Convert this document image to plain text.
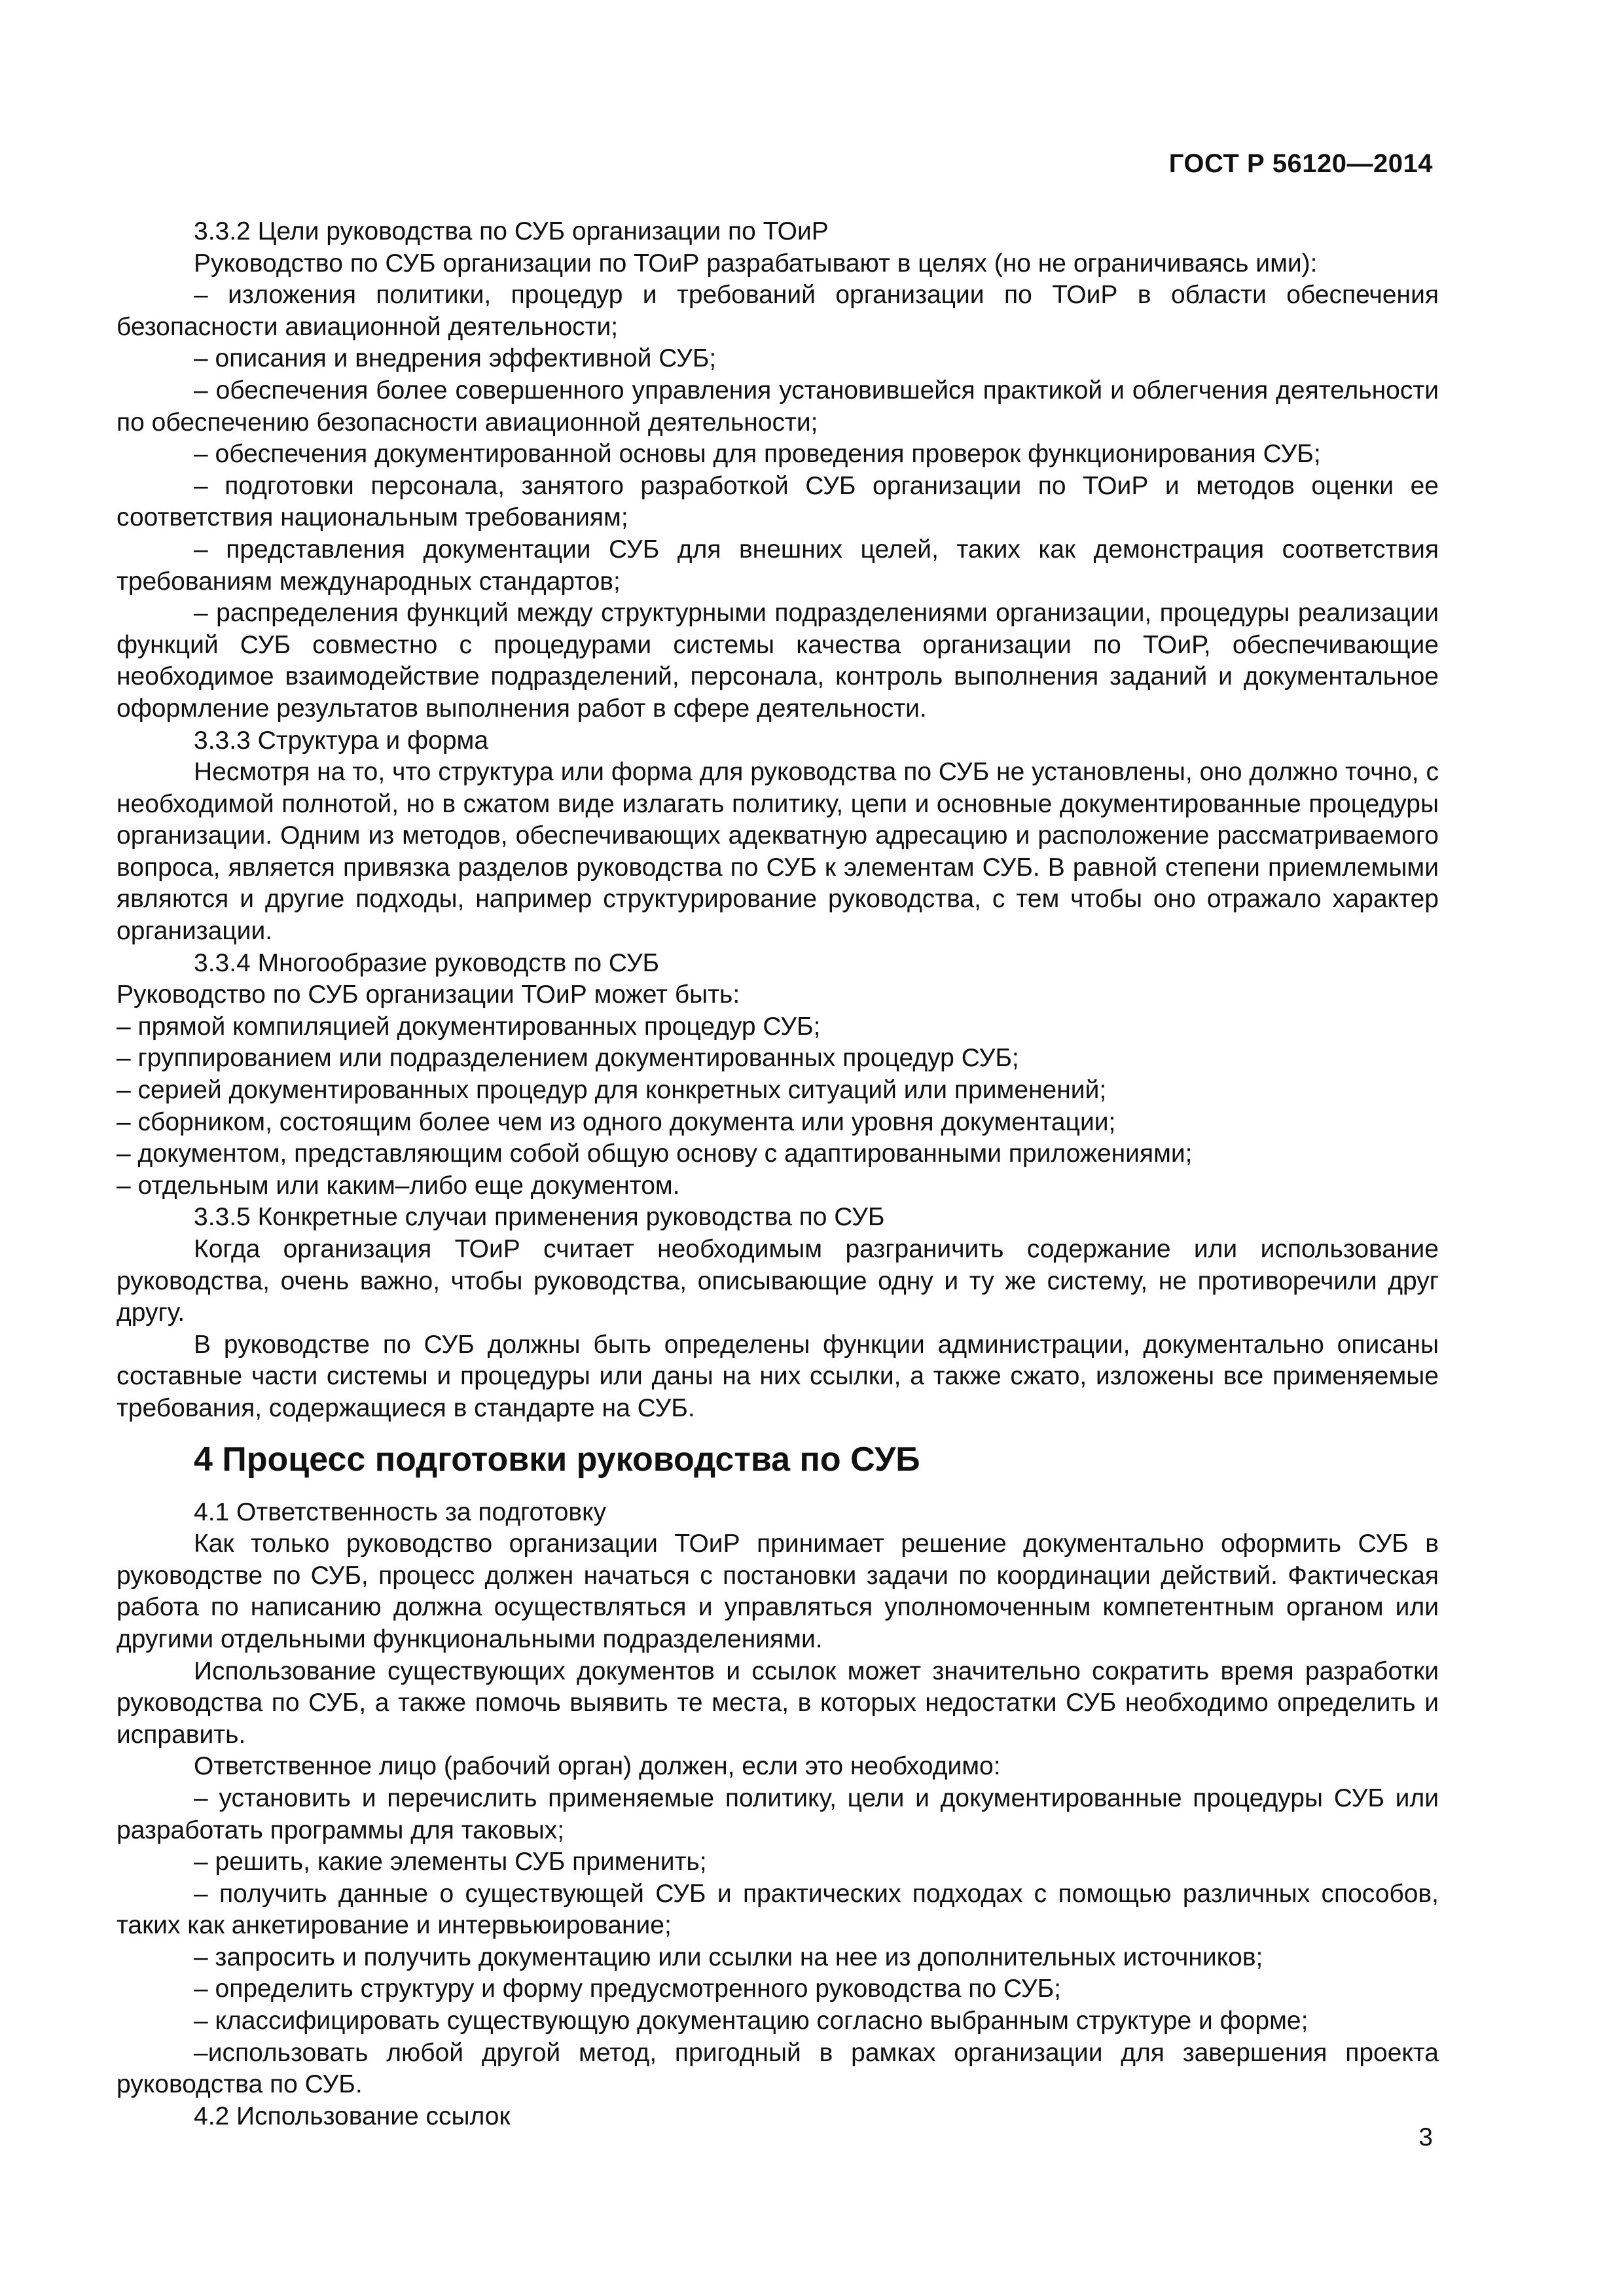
ГОСТ Р 56120—2014

3.3.2 Цели руководства по СУБ организации по ТОиР

Руководство по СУБ организации по ТОиР разрабатывают в целях (но не ограничиваясь ими):

– изложения политики, процедур и требований организации по ТОиР в области обеспечения безопасности авиационной деятельности;

– описания и внедрения эффективной СУБ;

– обеспечения более совершенного управления установившейся практикой и облегчения деятельности по обеспечению безопасности авиационной деятельности;

– обеспечения документированной основы для проведения проверок функционирования СУБ;

– подготовки персонала, занятого разработкой СУБ организации по ТОиР и методов оценки ее соответствия национальным требованиям;

– представления документации СУБ для внешних целей, таких как демонстрация соответствия требованиям международных стандартов;

– распределения функций между структурными подразделениями организации, процедуры реализации функций СУБ совместно с процедурами системы качества организации по ТОиР, обеспечивающие необходимое взаимодействие подразделений, персонала, контроль выполнения заданий и документальное оформление результатов выполнения работ в сфере деятельности.

3.3.3 Структура и форма

Несмотря на то, что структура или форма для руководства по СУБ не установлены, оно должно точно, с необходимой полнотой, но в сжатом виде излагать политику, цепи и основные документированные процедуры организации. Одним из методов, обеспечивающих адекватную адресацию и расположение рассматриваемого вопроса, является привязка разделов руководства по СУБ к элементам СУБ. В равной степени приемлемыми являются и другие подходы, например структурирование руководства, с тем чтобы оно отражало характер организации.

3.3.4 Многообразие руководств по СУБ

Руководство по СУБ организации ТОиР может быть:

– прямой компиляцией документированных процедур СУБ;

– группированием или подразделением документированных процедур СУБ;

– серией документированных процедур для конкретных ситуаций или применений;

– сборником, состоящим более чем из одного документа или уровня документации;

– документом, представляющим собой общую основу с адаптированными приложениями;

– отдельным или каким–либо еще документом.

3.3.5 Конкретные случаи применения руководства по СУБ

Когда организация ТОиР считает необходимым разграничить содержание или использование руководства, очень важно, чтобы руководства, описывающие одну и ту же систему, не противоречили друг другу.

В руководстве по СУБ должны быть определены функции администрации, документально описаны составные части системы и процедуры или даны на них ссылки, а также сжато, изложены все применяемые требования, содержащиеся в стандарте на СУБ.

4 Процесс подготовки руководства по СУБ

4.1 Ответственность за подготовку

Как только руководство организации ТОиР принимает решение документально оформить СУБ в руководстве по СУБ, процесс должен начаться с постановки задачи по координации действий. Фактическая работа по написанию должна осуществляться и управляться уполномоченным компетентным органом или другими отдельными функциональными подразделениями.

Использование существующих документов и ссылок может значительно сократить время разработки руководства по СУБ, а также помочь выявить те места, в которых недостатки СУБ необходимо определить и исправить.

Ответственное лицо (рабочий орган) должен, если это необходимо:

– установить и перечислить применяемые политику, цели и документированные процедуры СУБ или разработать программы для таковых;

– решить, какие элементы СУБ применить;

– получить данные о существующей СУБ и практических подходах с помощью различных способов, таких как анкетирование и интервьюирование;

– запросить и получить документацию или ссылки на нее из дополнительных источников;

– определить структуру и форму предусмотренного руководства по СУБ;

– классифицировать существующую документацию согласно выбранным структуре и форме;

–использовать любой другой метод, пригодный в рамках организации для завершения проекта руководства по СУБ.

4.2 Использование ссылок

3
